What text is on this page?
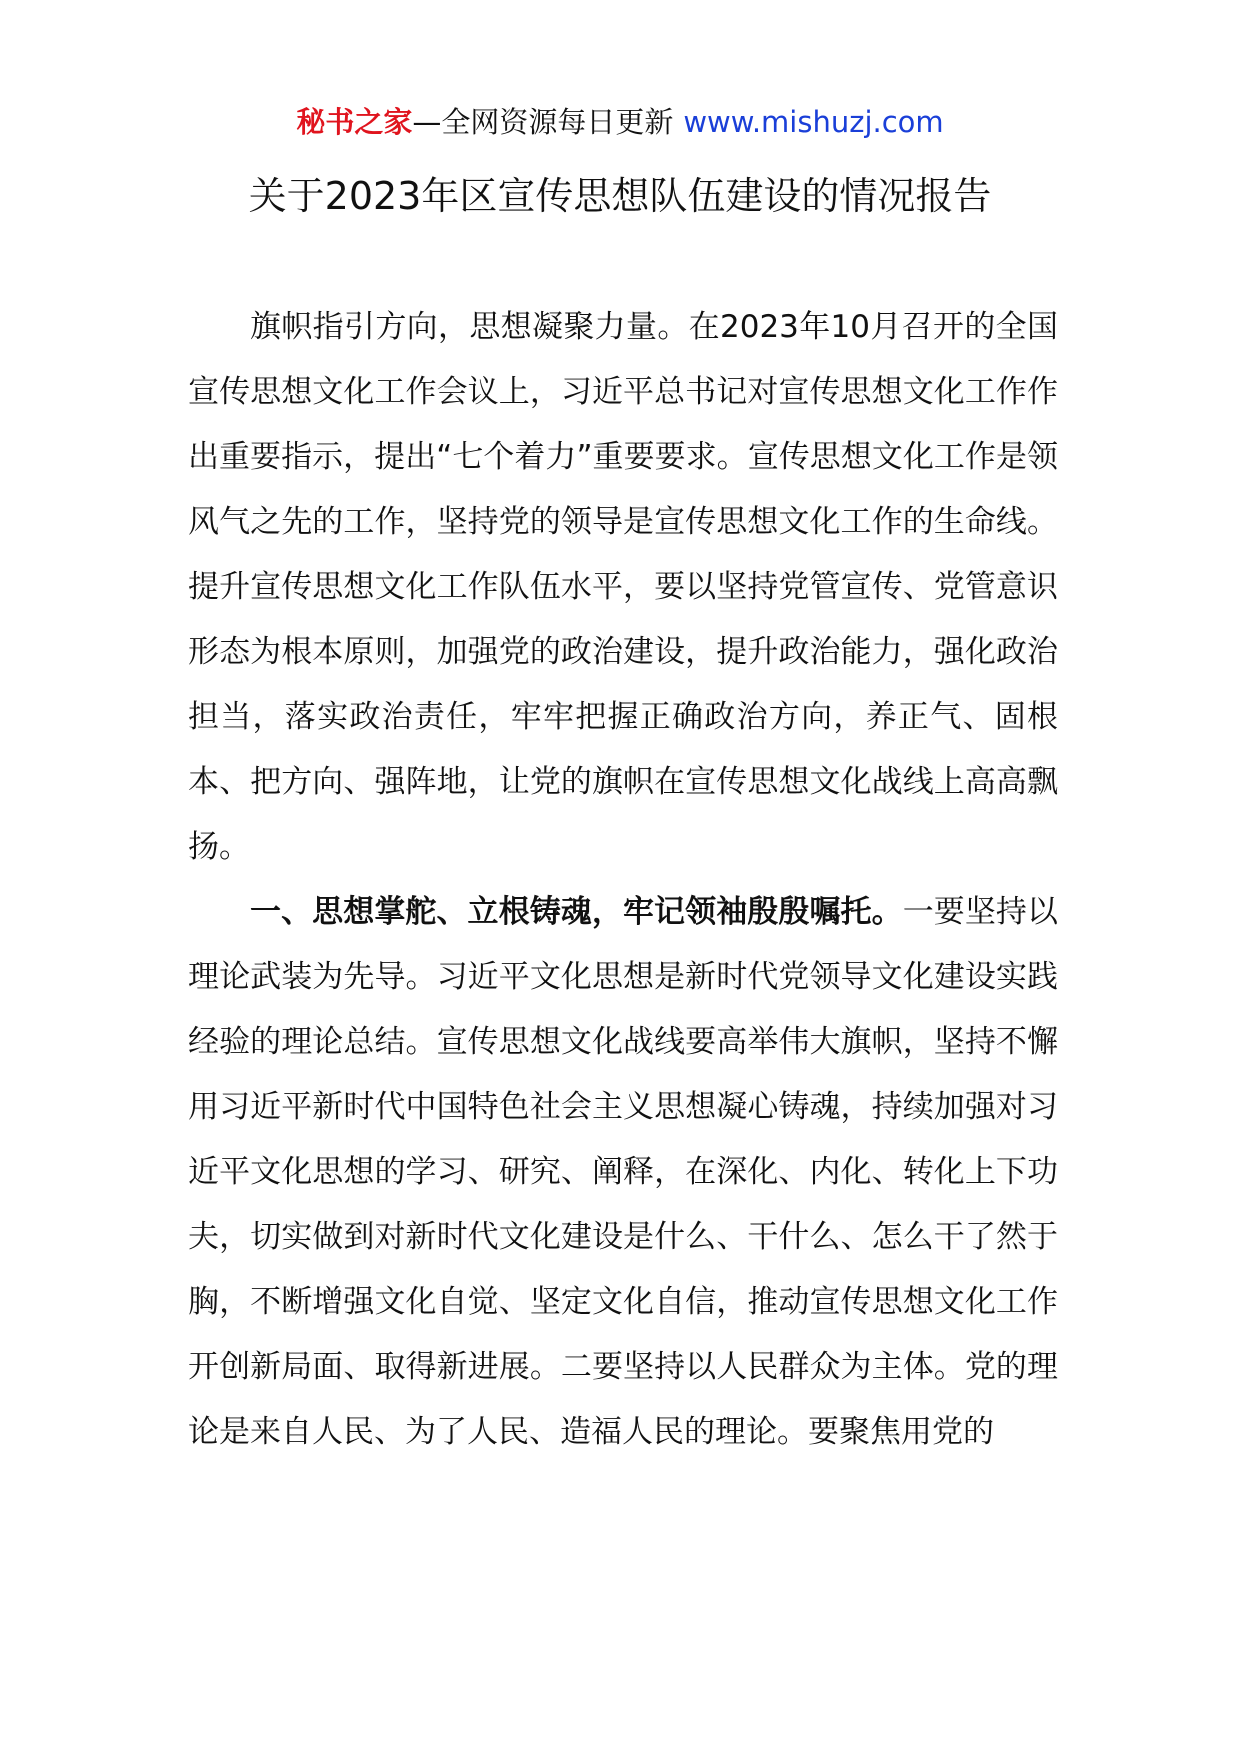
秘书之家—全网资源每日更新 www.mishuzj.com
关于2023年区宣传思想队伍建设的情况报告

旗帜指引方向，思想凝聚力量。在2023年10月召开的全国宣传思想文化工作会议上，习近平总书记对宣传思想文化工作作出重要指示，提出“七个着力”重要要求。宣传思想文化工作是领风气之先的工作，坚持党的领导是宣传思想文化工作的生命线。提升宣传思想文化工作队伍水平，要以坚持党管宣传、党管意识形态为根本原则，加强党的政治建设，提升政治能力，强化政治担当，落实政治责任，牢牢把握正确政治方向，养正气、固根本、把方向、强阵地，让党的旗帜在宣传思想文化战线上高高飘扬。

一、思想掌舵、立根铸魂，牢记领袖殷殷嘱托。一要坚持以理论武装为先导。习近平文化思想是新时代党领导文化建设实践经验的理论总结。宣传思想文化战线要高举伟大旗帜，坚持不懈用习近平新时代中国特色社会主义思想凝心铸魂，持续加强对习近平文化思想的学习、研究、阐释，在深化、内化、转化上下功夫，切实做到对新时代文化建设是什么、干什么、怎么干了然于胸，不断增强文化自觉、坚定文化自信，推动宣传思想文化工作开创新局面、取得新进展。二要坚持以人民群众为主体。党的理论是来自人民、为了人民、造福人民的理论。要聚焦用党的
